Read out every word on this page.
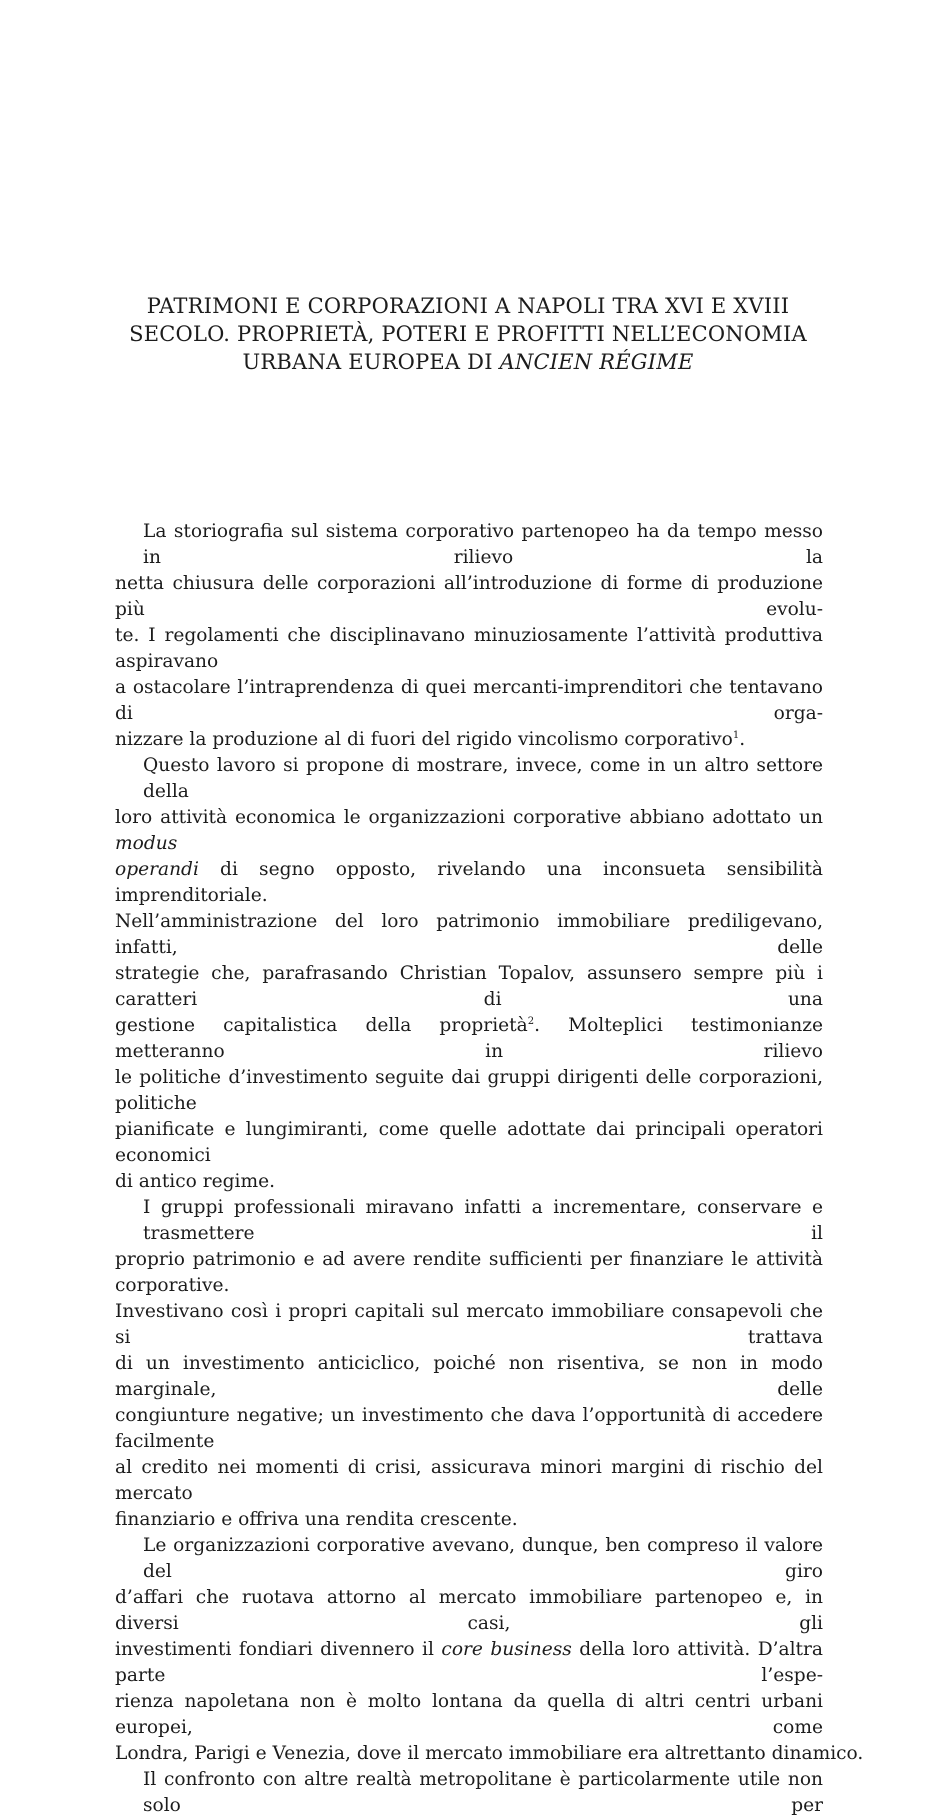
PATRIMONI E CORPORAZIONI A NAPOLI TRA XVI E XVIII
SECOLO. PROPRIETÀ, POTERI E PROFITTI NELL’ECONOMIA
URBANA EUROPEA DI ANCIEN RÉGIME
La storiografia sul sistema corporativo partenopeo ha da tempo messo in rilievo la
netta chiusura delle corporazioni all’introduzione di forme di produzione più evolu-
te. I regolamenti che disciplinavano minuziosamente l’attività produttiva aspiravano
a ostacolare l’intraprendenza di quei mercanti-imprenditori che tentavano di orga-
nizzare la produzione al di fuori del rigido vincolismo corporativo$^1$.
Questo lavoro si propone di mostrare, invece, come in un altro settore della
loro attività economica le organizzazioni corporative abbiano adottato un modus
operandi di segno opposto, rivelando una inconsueta sensibilità imprenditoriale.
Nell’amministrazione del loro patrimonio immobiliare prediligevano, infatti, delle
strategie che, parafrasando Christian Topalov, assunsero sempre più i caratteri di una
gestione capitalistica della proprietà$^2$. Molteplici testimonianze metteranno in rilievo
le politiche d’investimento seguite dai gruppi dirigenti delle corporazioni, politiche
pianificate e lungimiranti, come quelle adottate dai principali operatori economici
di antico regime.
I gruppi professionali miravano infatti a incrementare, conservare e trasmettere il
proprio patrimonio e ad avere rendite sufficienti per finanziare le attività corporative.
Investivano così i propri capitali sul mercato immobiliare consapevoli che si trattava
di un investimento anticiclico, poiché non risentiva, se non in modo marginale, delle
congiunture negative; un investimento che dava l’opportunità di accedere facilmente
al credito nei momenti di crisi, assicurava minori margini di rischio del mercato
finanziario e offriva una rendita crescente.
Le organizzazioni corporative avevano, dunque, ben compreso il valore del giro
d’affari che ruotava attorno al mercato immobiliare partenopeo e, in diversi casi, gli
investimenti fondiari divennero il core business della loro attività. D’altra parte l’espe-
rienza napoletana non è molto lontana da quella di altri centri urbani europei, come
Londra, Parigi e Venezia, dove il mercato immobiliare era altrettanto dinamico.
Il confronto con altre realtà metropolitane è particolarmente utile non solo per
